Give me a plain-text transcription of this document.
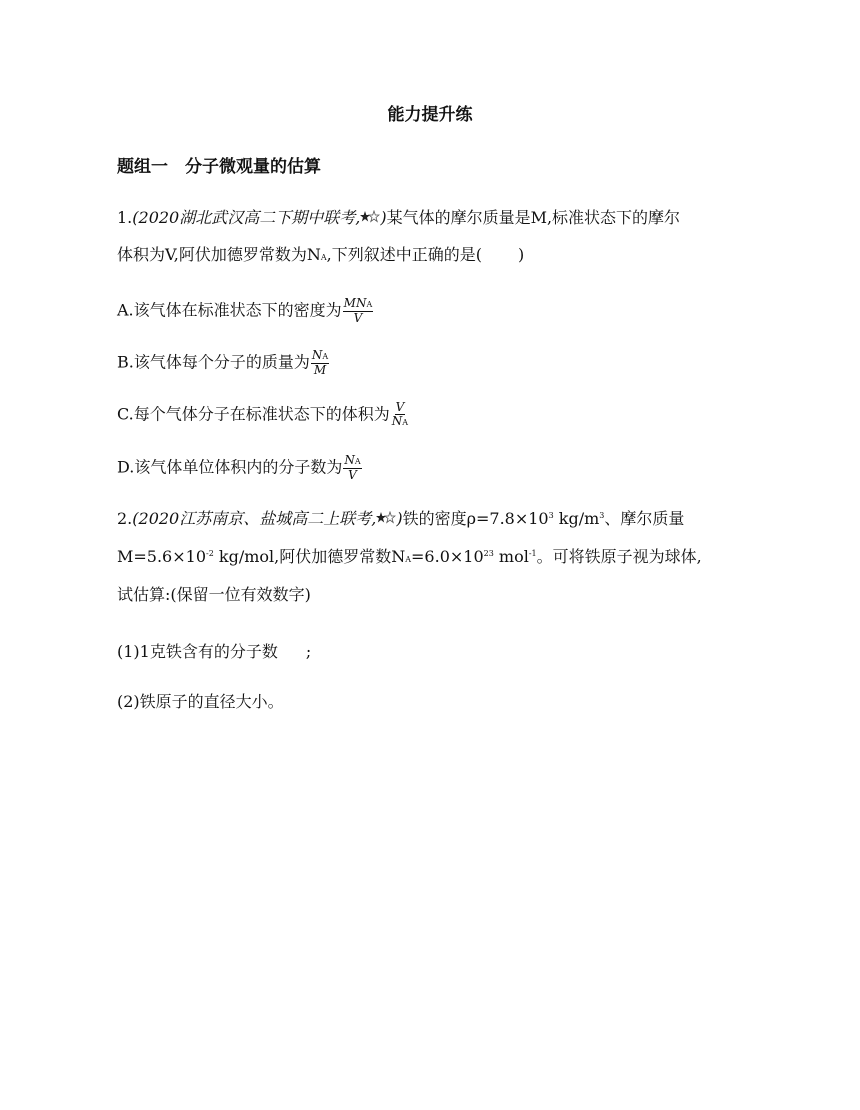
能力提升练
题组一　分子微观量的估算
1.(2020湖北武汉高二下期中联考, )某气体的摩尔质量是M,标准状态下的摩尔
体积为V,阿伏加德罗常数为NA,下列叙述中正确的是( )
A.该气体在标准状态下的密度为 $\frac{\text{MNA}}{V}$
B.该气体每个分子的质量为 $\frac{NA}{M}$
C.每个气体分子在标准状态下的体积为 $\frac{V}{NA}$
D.该气体单位体积内的分子数为 $\frac{NA}{V}$
2.(2020江苏南京、盐城高二上联考, )铁的密度$\rho=7.8\times 10^3$ $kg/m^3$、摩尔质量
$M=5.6\times 10^{-2}$ kg/mol,阿伏加德罗常数$NA=6.0\times 10^{23}$ mol$^{-1}$。可将铁原子视为球体,
试估算:(保留一位有效数字)
(1)1克铁含有的分子数 ;
(2)铁原子的直径大小。
